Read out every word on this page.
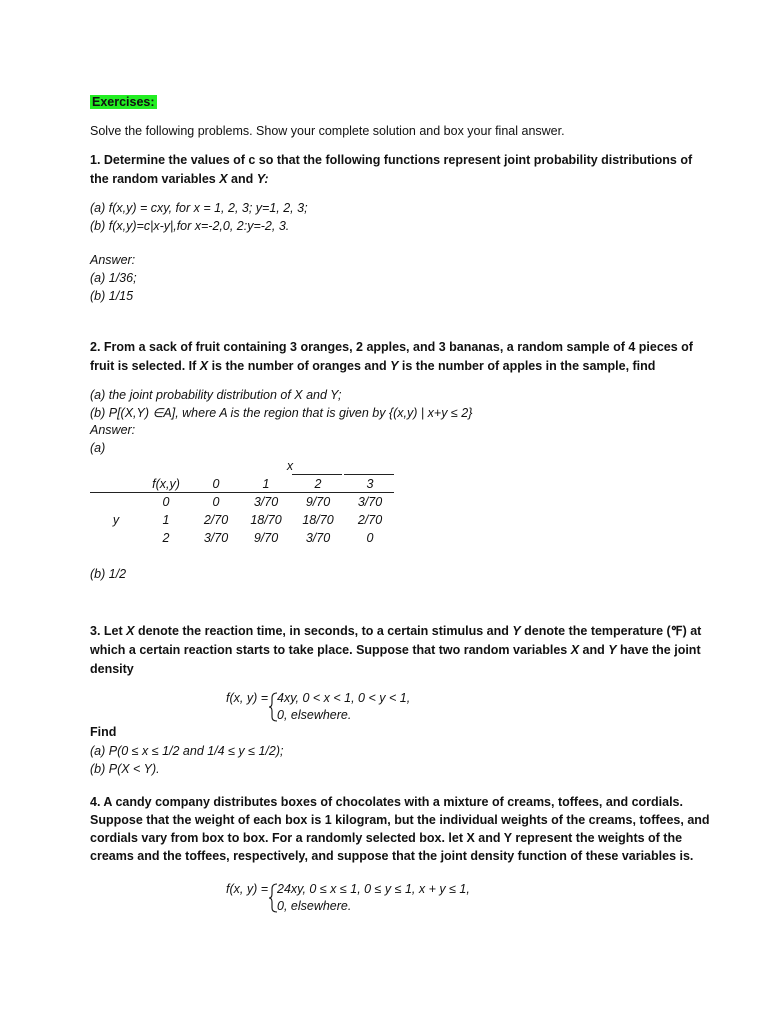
Exercises:
Solve the following problems. Show your complete solution and box your final answer.
1. Determine the values of c so that the following functions represent joint probability distributions of
the random variables X and Y:
(a) f(x,y) = cxy, for x = 1, 2, 3; y=1, 2, 3;
(b) f(x,y)=c|x-y|,for x=-2,0, 2:y=-2, 3.
Answer:
(a) 1/36;
(b) 1/15
2. From a sack of fruit containing 3 oranges, 2 apples, and 3 bananas, a random sample of 4 pieces of
fruit is selected. If X is the number of oranges and Y is the number of apples in the sample, find
(a) the joint probability distribution of X and Y;
(b) P[(X,Y) ∈A], where A is the region that is given by {(x,y) | x+y ≤ 2}
Answer:
(a)
x
f(x,y)	0	1	2	3
y
0	0	3/70	9/70	3/70
1	2/70	18/70	18/70	2/70
2	3/70	9/70	3/70	0
(b) 1/2
3. Let X denote the reaction time, in seconds, to a certain stimulus and Y denote the temperature (℉) at
which a certain reaction starts to take place. Suppose that two random variables X and Y have the joint
density
f(x, y) = 4xy, 0 < x < 1, 0 < y < 1,
0, elsewhere.
Find
(a) P(0 ≤ x ≤ 1/2 and 1/4 ≤ y ≤ 1/2);
(b) P(X < Y).
4. A candy company distributes boxes of chocolates with a mixture of creams, toffees, and cordials.
Suppose that the weight of each box is 1 kilogram, but the individual weights of the creams, toffees, and
cordials vary from box to box. For a randomly selected box. let X and Y represent the weights of the
creams and the toffees, respectively, and suppose that the joint density function of these variables is.
f(x, y) = 24xy, 0 ≤ x ≤ 1, 0 ≤ y ≤ 1, x + y ≤ 1,
0, elsewhere.
